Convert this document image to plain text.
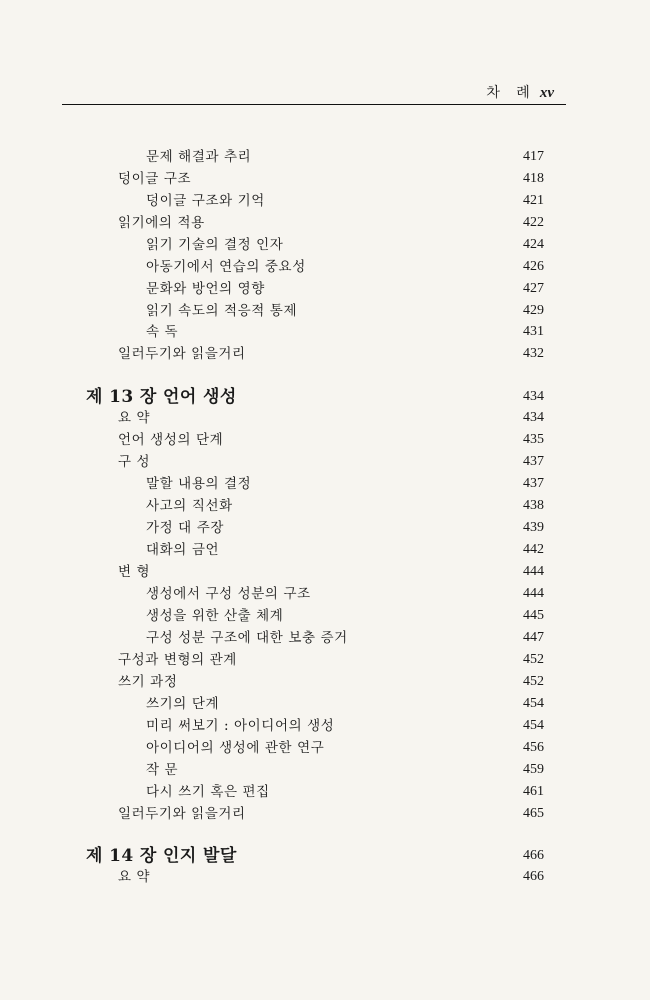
차 례 xv
문제 해결과 추리	417
덩이글 구조	418
덩이글 구조와 기억	421
읽기에의 적용	422
읽기 기술의 결정 인자	424
아동기에서 연습의 중요성	426
문화와 방언의 영향	427
읽기 속도의 적응적 통제	429
속 독	431
일러두기와 읽을거리	432
제 13 장 언어 생성	434
요 약	434
언어 생성의 단계	435
구 성	437
말할 내용의 결정	437
사고의 직선화	438
가정 대 주장	439
대화의 금언	442
변 형	444
생성에서 구성 성분의 구조	444
생성을 위한 산출 체계	445
구성 성분 구조에 대한 보충 증거	447
구성과 변형의 관계	452
쓰기 과정	452
쓰기의 단계	454
미리 써보기 : 아이디어의 생성	454
아이디어의 생성에 관한 연구	456
작 문	459
다시 쓰기 혹은 편집	461
일러두기와 읽을거리	465
제 14 장 인지 발달	466
요 약	466
